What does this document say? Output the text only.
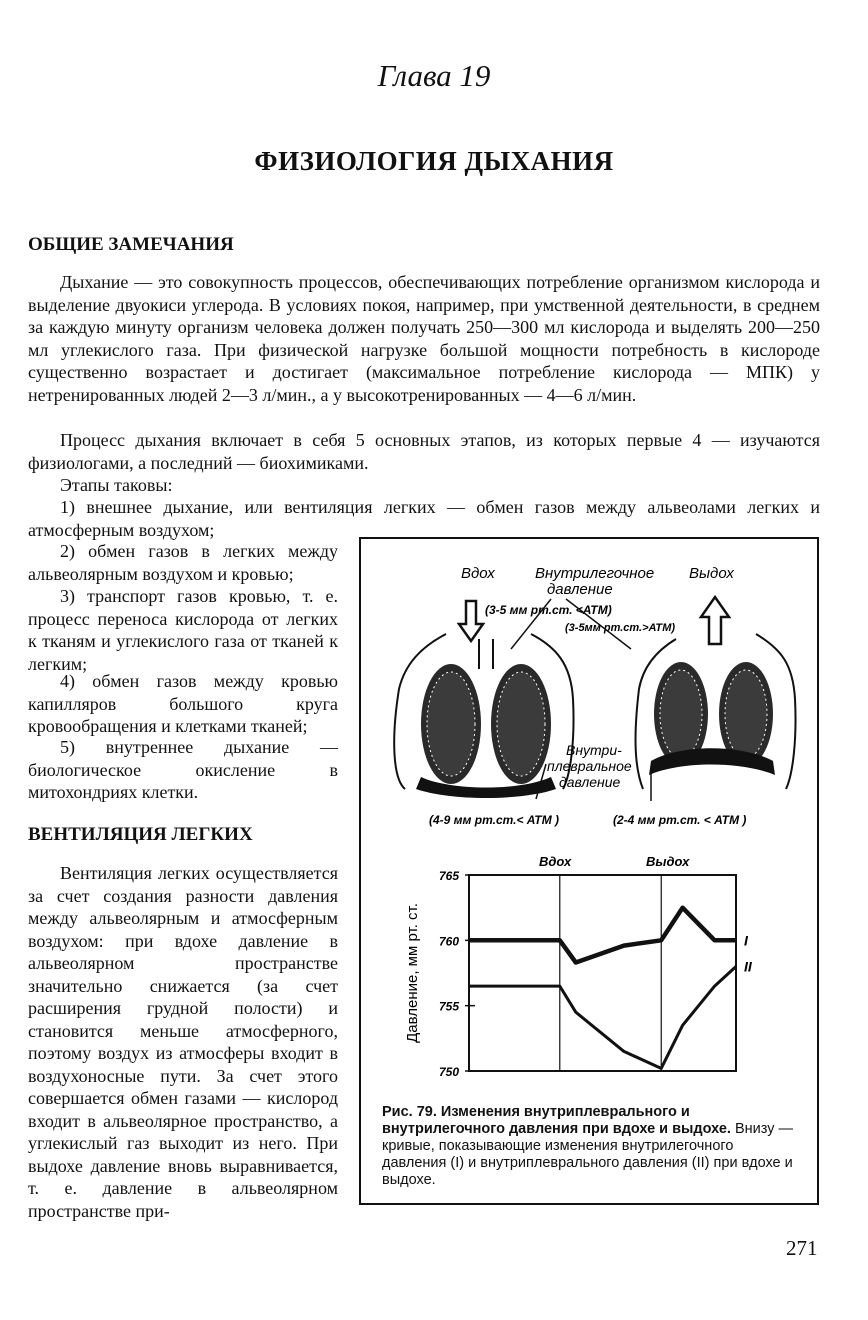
Глава 19
ФИЗИОЛОГИЯ ДЫХАНИЯ
ОБЩИЕ ЗАМЕЧАНИЯ
Дыхание — это совокупность процессов, обеспечивающих потребление организмом кислорода и выделение двуокиси углерода. В условиях покоя, например, при умственной деятельности, в среднем за каждую минуту организм человека должен получать 250—300 мл кислорода и выделять 200—250 мл углекислого газа. При физической нагрузке большой мощности потребность в кислороде существенно возрастает и достигает (максимальное потребление кислорода — МПК) у нетренированных людей 2—3 л/мин., а у высокотренированных — 4—6 л/мин.
Процесс дыхания включает в себя 5 основных этапов, из которых первые 4 — изучаются физиологами, а последний — биохимиками.
Этапы таковы:
1) внешнее дыхание, или вентиляция легких — обмен газов между альвеолами легких и атмосферным воздухом;
2) обмен газов в легких между альвеолярным воздухом и кровью;
3) транспорт газов кровью, т. е. процесс переноса кислорода от легких к тканям и углекислого газа от тканей к легким;
4) обмен газов между кровью капилляров большого круга кровообращения и клетками тканей;
5) внутреннее дыхание — биологическое окисление в митохондриях клетки.
ВЕНТИЛЯЦИЯ ЛЕГКИХ
Вентиляция легких осуществляется за счет создания разности давления между альвеолярным и атмосферным воздухом: при вдохе давление в альвеолярном пространстве значительно снижается (за счет расширения грудной полости) и становится меньше атмосферного, поэтому воздух из атмосферы входит в воздухоносные пути. За счет этого совершается обмен газами — кислород входит в альвеолярное пространство, а углекислый газ выходит из него. При выдохе давление вновь выравнивается, т. е. давление в альвеолярном пространстве при-
Вдох	Внутрилегочное
давление
Выдох
(3-5 мм рт.ст. <АТМ)
(3-5мм рт.ст.>АТМ)
Внутри-
плевральное
давление
(4-9 мм рт.ст.< АТМ )	(2-4 мм рт.ст. < АТМ )
Вдох	Выдох
765
760
755
750
Давление, мм рт. ст.	I
II
Рис. 79. Изменения внутриплеврального и внутрилегочного давления при вдохе и выдохе. Внизу — кривые, показывающие изменения внутрилегочного давления (I) и внутриплеврального давления (II) при вдохе и выдохе.
271
